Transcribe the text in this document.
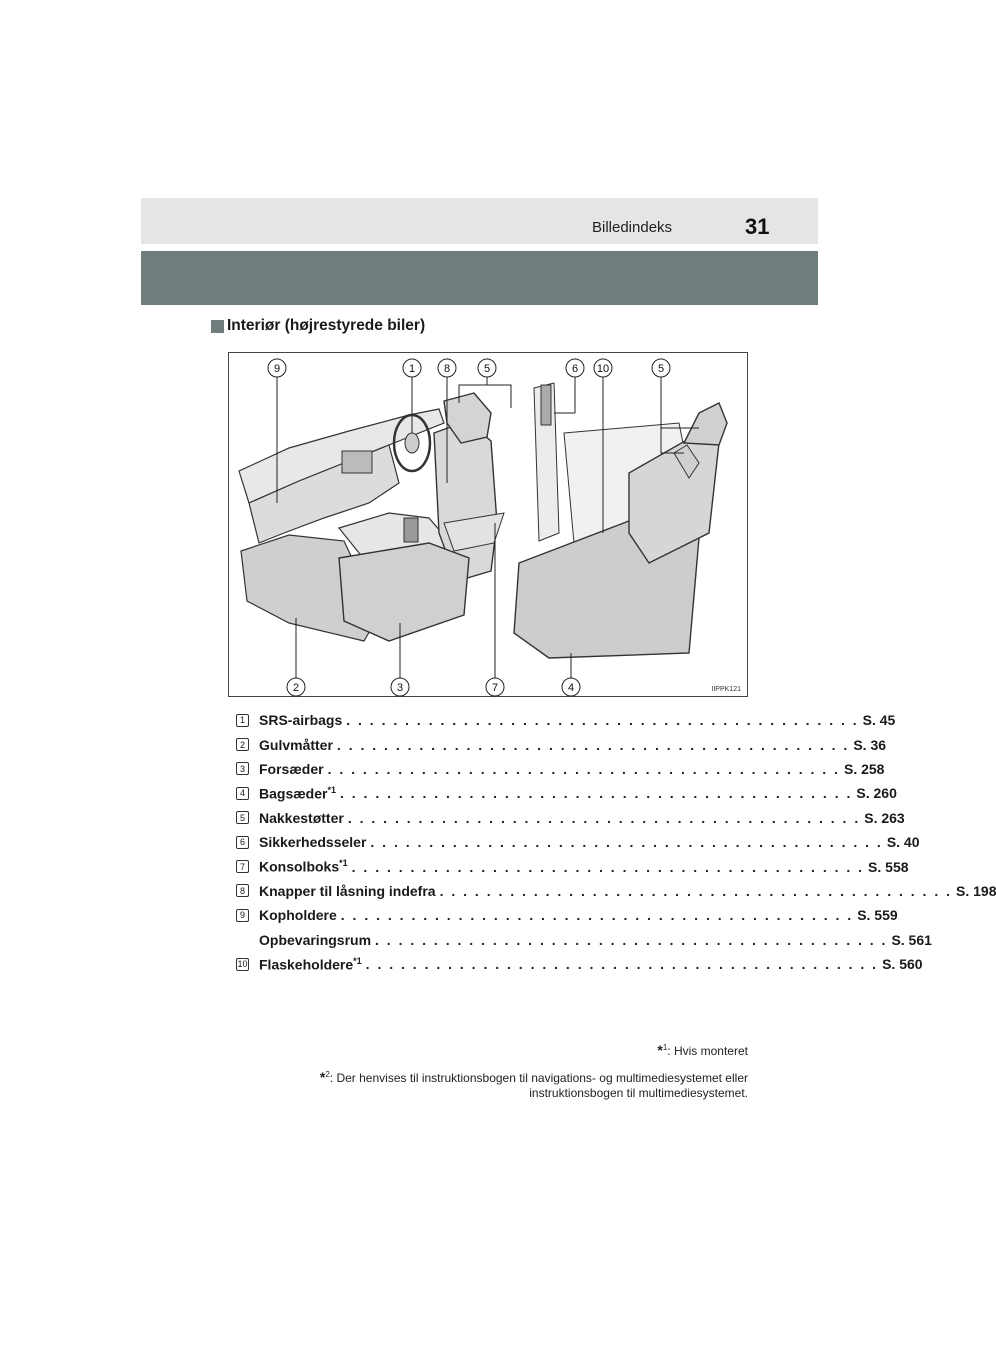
Billedindeks	31
Interiør (højrestyrede biler)
9	1	8	5	6 10	5
2	3	7	4	IIPPK121
1 SRS-airbags . . . . . . . . . . . . . . . . . . . . . . . . . . . . . . . . . . . . . . . . . . . . S. 45
2 Gulvmåtter . . . . . . . . . . . . . . . . . . . . . . . . . . . . . . . . . . . . . . . . . . . . S. 36
3 Forsæder . . . . . . . . . . . . . . . . . . . . . . . . . . . . . . . . . . . . . . . . . . . . S. 258
4 Bagsæder$^{*1}$ . . . . . . . . . . . . . . . . . . . . . . . . . . . . . . . . . . . . . . . . . . . . S. 260
5 Nakkestøtter . . . . . . . . . . . . . . . . . . . . . . . . . . . . . . . . . . . . . . . . . . . . S. 263
6 Sikkerhedsseler . . . . . . . . . . . . . . . . . . . . . . . . . . . . . . . . . . . . . . . . . . . . S. 40
7 Konsolboks$^{*1}$ . . . . . . . . . . . . . . . . . . . . . . . . . . . . . . . . . . . . . . . . . . . . S. 558
8 Knapper til låsning indefra . . . . . . . . . . . . . . . . . . . . . . . . . . . . . . . . . . . . . . . . . . . . S. 198
9 Kopholdere . . . . . . . . . . . . . . . . . . . . . . . . . . . . . . . . . . . . . . . . . . . . S. 559
Opbevaringsrum . . . . . . . . . . . . . . . . . . . . . . . . . . . . . . . . . . . . . . . . . . . . S. 561
10 Flaskeholdere$^{*1}$ . . . . . . . . . . . . . . . . . . . . . . . . . . . . . . . . . . . . . . . . . . . . S. 560
*$^1$: Hvis monteret
*$^2$: Der henvises til instruktionsbogen til navigations- og multimediesystemet eller instruktionsbogen til multimediesystemet.
